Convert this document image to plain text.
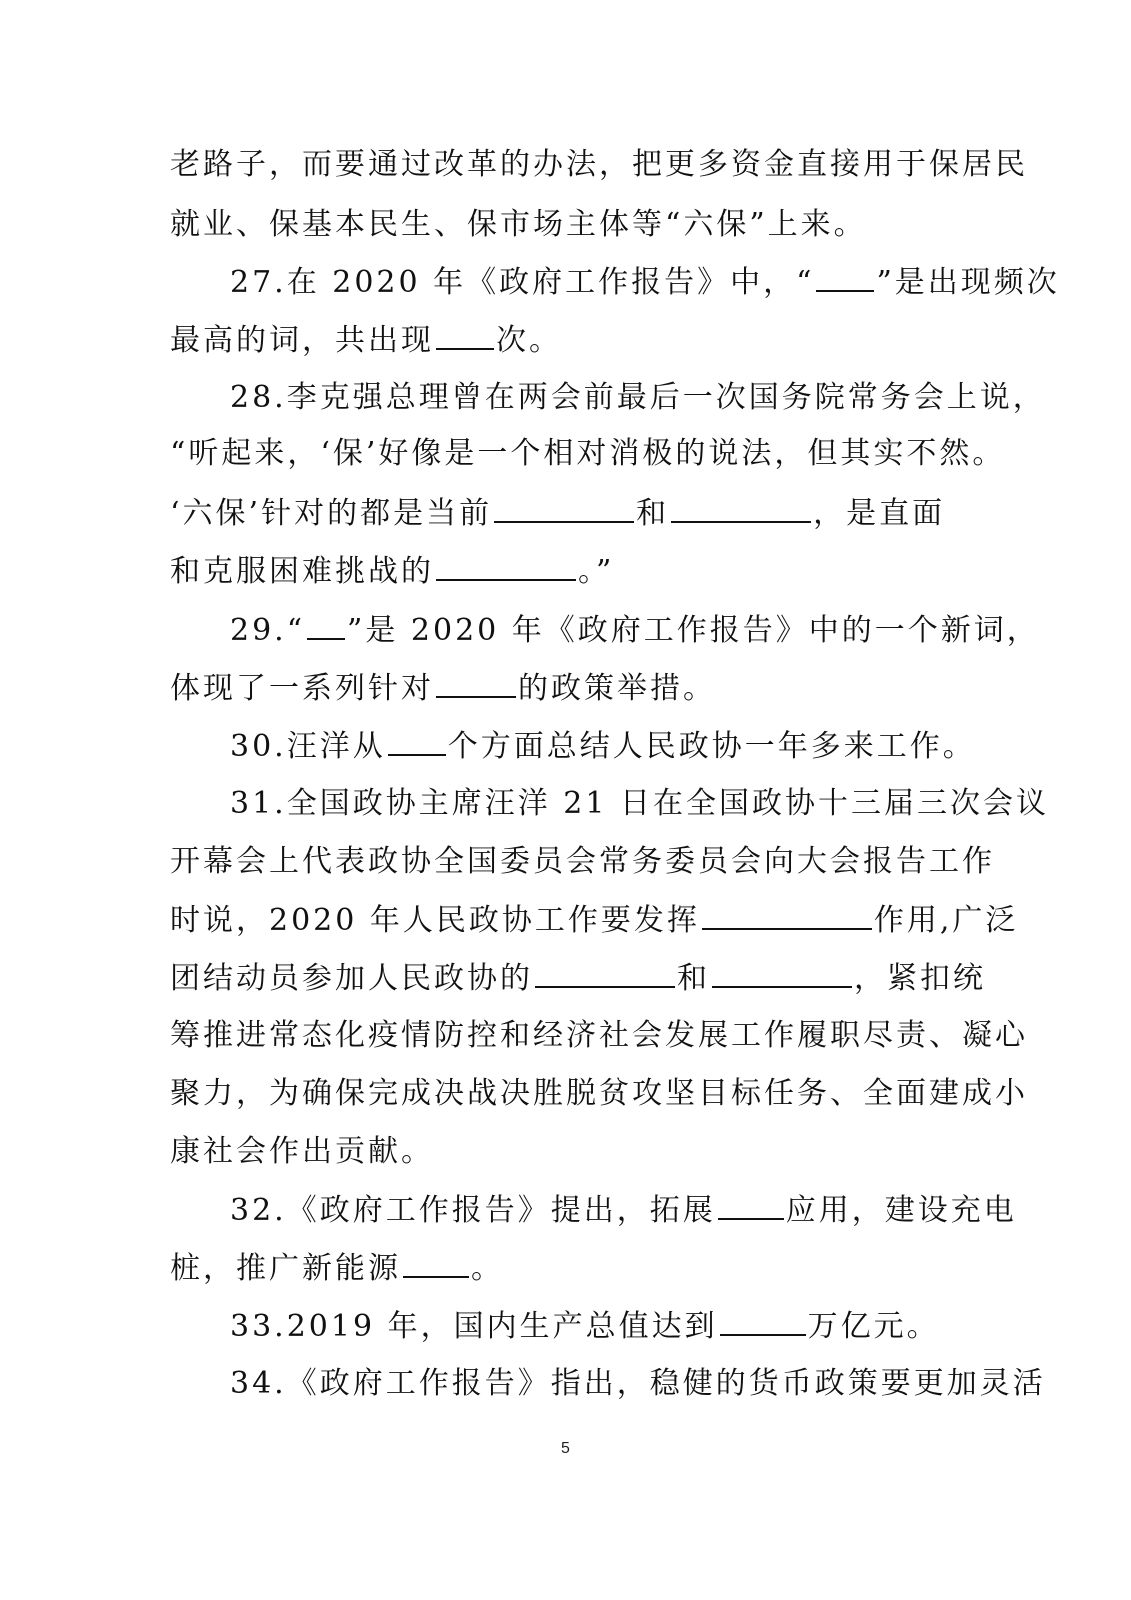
老路子，而要通过改革的办法，把更多资金直接用于保居民
就业、保基本民生、保市场主体等“六保”上来。
27.在 2020 年《政府工作报告》中，“ ”是出现频次
最高的词，共出现 次。
28.李克强总理曾在两会前最后一次国务院常务会上说，
“听起来，‘保’好像是一个相对消极的说法，但其实不然。
‘六保’针对的都是当前	和	，是直面
和克服困难挑战的	。”
29.“ ”是 2020 年《政府工作报告》中的一个新词，
体现了一系列针对	的政策举措。
30.汪洋从 个方面总结人民政协一年多来工作。
31.全国政协主席汪洋 21 日在全国政协十三届三次会议
开幕会上代表政协全国委员会常务委员会向大会报告工作
时说，2020 年人民政协工作要发挥	作用,广泛
团结动员参加人民政协的	和	，紧扣统
筹推进常态化疫情防控和经济社会发展工作履职尽责、凝心
聚力，为确保完成决战决胜脱贫攻坚目标任务、全面建成小
康社会作出贡献。
32.《政府工作报告》提出，拓展 应用，建设充电
桩，推广新能源 。
33.2019 年，国内生产总值达到	万亿元。
34.《政府工作报告》指出，稳健的货币政策要更加灵活
5
